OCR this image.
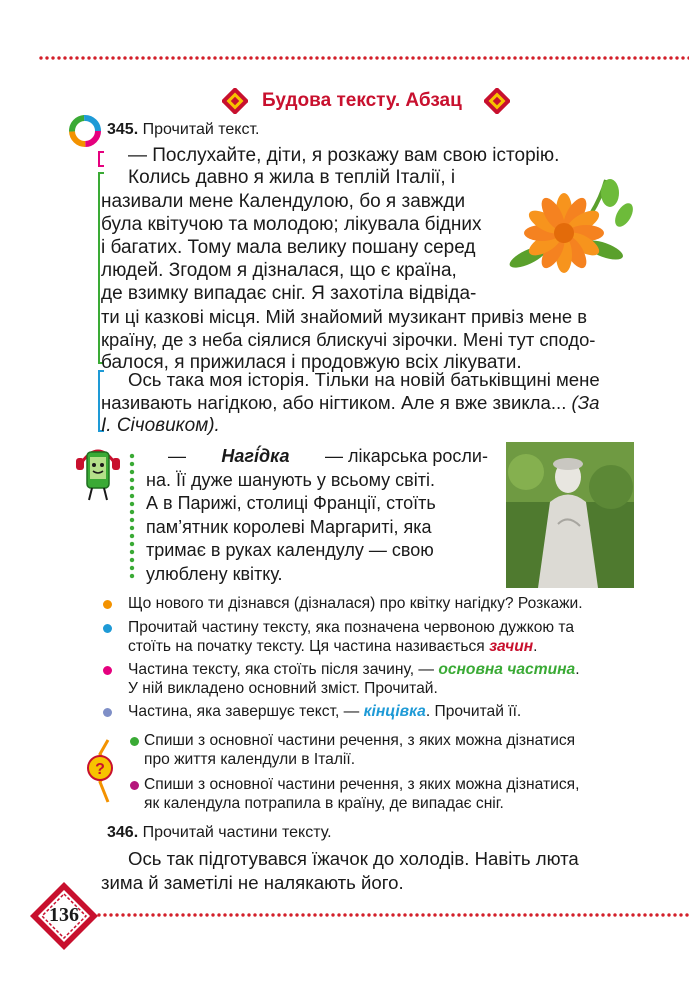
Будова тексту. Абзац
345. Прочитай текст.
— Послухайте, діти, я розкажу вам свою історію.
Колись давно я жила в теплій Італії, і
називали мене Календулою, бо я завжди
була квітучою та молодою; лікувала бідних
і багатих. Тому мала велику пошану серед
людей. Згодом я дізналася, що є країна,
де взимку випадає сніг. Я захотіла відвіда-
ти ці казкові місця. Мій знайомий музикант привіз мене в
країну, де з неба сіялися блискучі зірочки. Мені тут сподо-
балося, я прижилася і продовжую всіх лікувати.
Ось така моя історія. Тільки на новій батьківщині мене
називають нагідкою, або нігтиком. Але я вже звикла... (За
І. Січовиком).
— Нагі́дка — лікарська росли-
на. Її дуже шанують у всьому світі.
А в Парижі, столиці Франції, стоїть
пам’ятник королеві Маргариті, яка
тримає в руках календулу — свою
улюблену квітку.
Що нового ти дізнався (дізналася) про квітку нагідку? Розкажи.
Прочитай частину тексту, яка позначена червоною дужкою та
стоїть на початку тексту. Ця частина називається зачин.
Частина тексту, яка стоїть після зачину, — основна частина.
У ній викладено основний зміст. Прочитай.
Частина, яка завершує текст, — кінцівка. Прочитай її.
?
Спиши з основної частини речення, з яких можна дізнатися
про життя календули в Італії.
Спиши з основної частини речення, з яких можна дізнатися,
як календула потрапила в країну, де випадає сніг.
346. Прочитай частини тексту.
Ось так підготувався їжачок до холодів. Навіть люта
зима й заметілі не налякають його.
136
